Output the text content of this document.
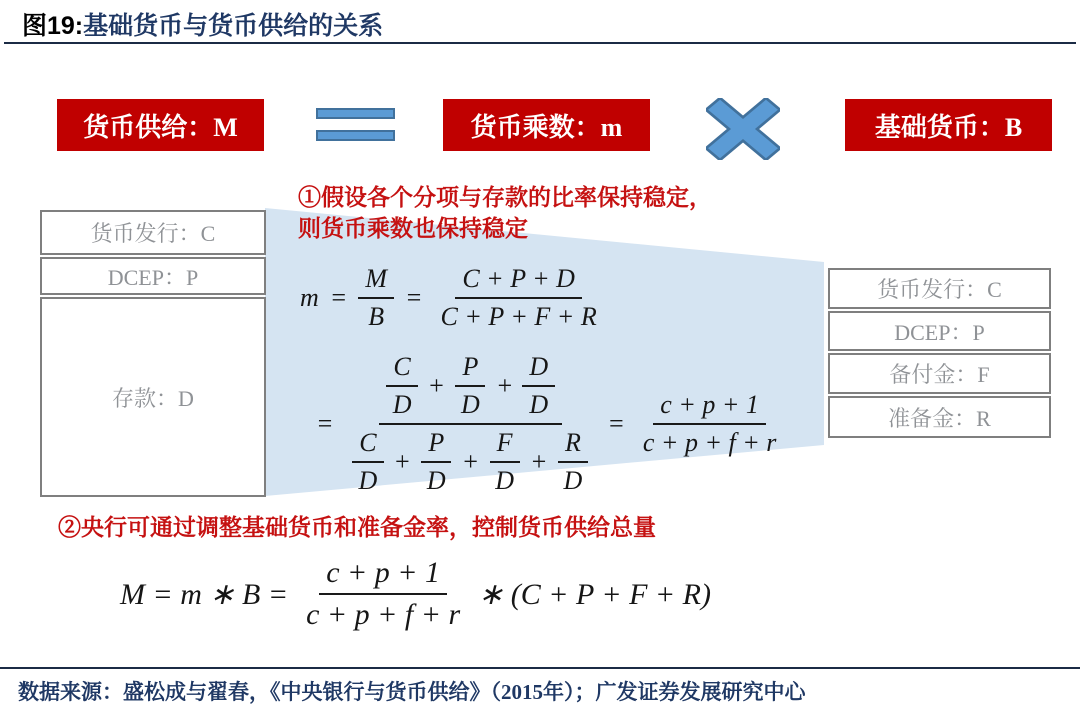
图19: 基础货币与货币供给的关系
货币供给：M	货币乘数：m	基础货币：B
货币发行：C
DCEP：P
存款：D
货币发行：C
DCEP：P
备付金：F
准备金：R
①假设各个分项与存款的比率保持稳定，
则货币乘数也保持稳定
$m = \frac{M}{B} = \frac{C + P + D}{C + P + F + R}$
=
$\frac{C}{D} + \frac{P}{D} + \frac{D}{D}$
$\frac{C}{D} + \frac{P}{D} + \frac{F}{D} + \frac{R}{D}$
= $\frac{c + p + 1}{c + p + f + r}$
②央行可通过调整基础货币和准备金率，控制货币供给总量
M = m ∗ $B = \frac{c + p + 1}{c + p + f + r}$ ∗ (C + P + F + R)
数据来源：盛松成与翟春，《中央银行与货币供给》（2015年）；广发证券发展研究中心
